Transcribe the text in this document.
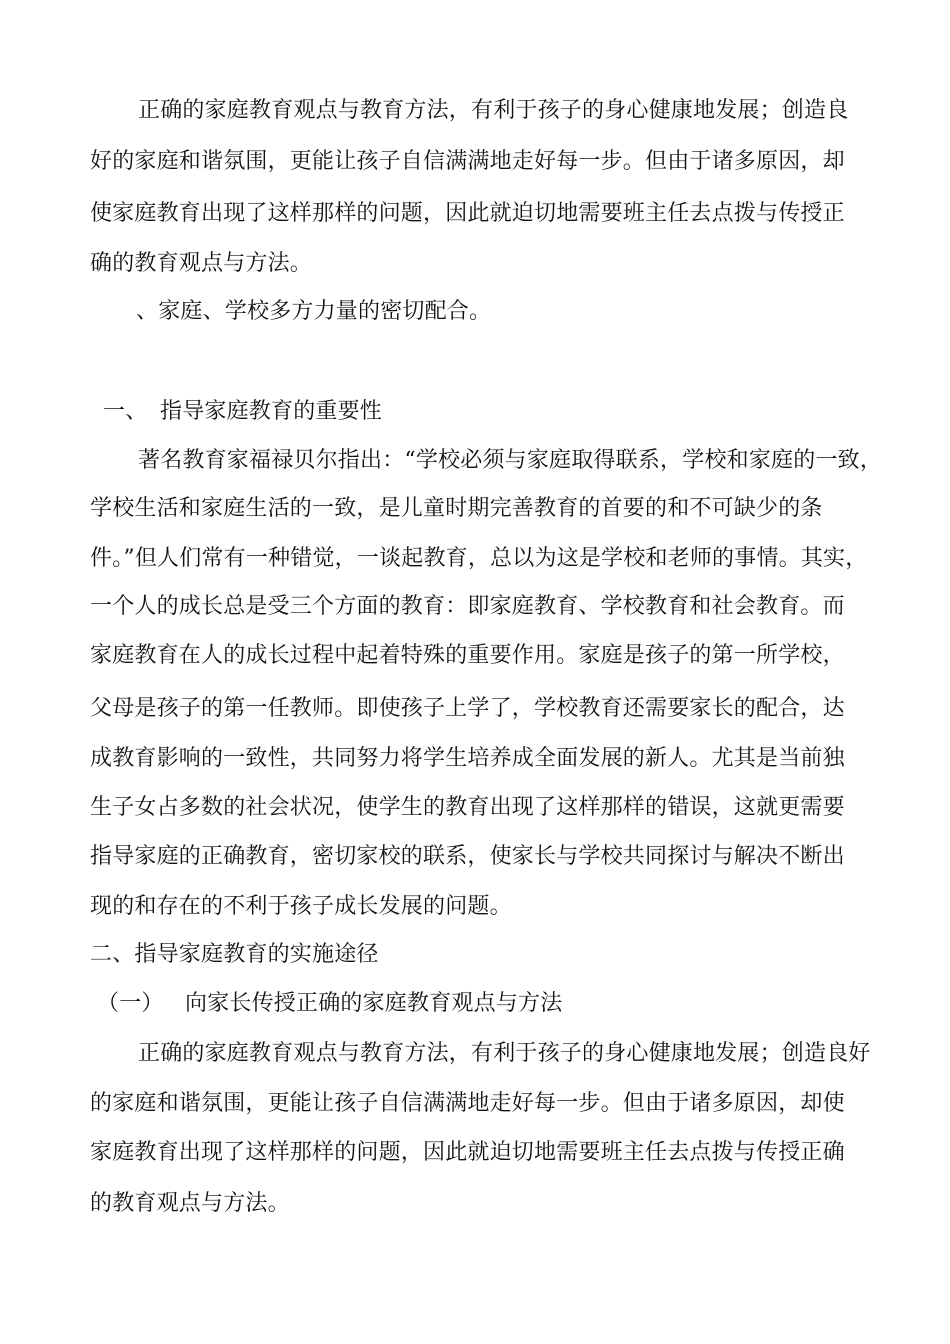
正确的家庭教育观点与教育方法，有利于孩子的身心健康地发展；创造良
好的家庭和谐氛围，更能让孩子自信满满地走好每一步。但由于诸多原因，却
使家庭教育出现了这样那样的问题，因此就迫切地需要班主任去点拨与传授正
确的教育观点与方法。
、家庭、学校多方力量的密切配合。
一、 指导家庭教育的重要性
著名教育家福禄贝尔指出：“学校必须与家庭取得联系，学校和家庭的一致，
学校生活和家庭生活的一致，是儿童时期完善教育的首要的和不可缺少的条
件。”但人们常有一种错觉，一谈起教育，总以为这是学校和老师的事情。其实，
一个人的成长总是受三个方面的教育：即家庭教育、学校教育和社会教育。而
家庭教育在人的成长过程中起着特殊的重要作用。家庭是孩子的第一所学校，
父母是孩子的第一任教师。即使孩子上学了，学校教育还需要家长的配合，达
成教育影响的一致性，共同努力将学生培养成全面发展的新人。尤其是当前独
生子女占多数的社会状况，使学生的教育出现了这样那样的错误，这就更需要
指导家庭的正确教育，密切家校的联系，使家长与学校共同探讨与解决不断出
现的和存在的不利于孩子成长发展的问题。
二、指导家庭教育的实施途径
（一） 向家长传授正确的家庭教育观点与方法
正确的家庭教育观点与教育方法，有利于孩子的身心健康地发展；创造良好
的家庭和谐氛围，更能让孩子自信满满地走好每一步。但由于诸多原因，却使
家庭教育出现了这样那样的问题，因此就迫切地需要班主任去点拨与传授正确
的教育观点与方法。
